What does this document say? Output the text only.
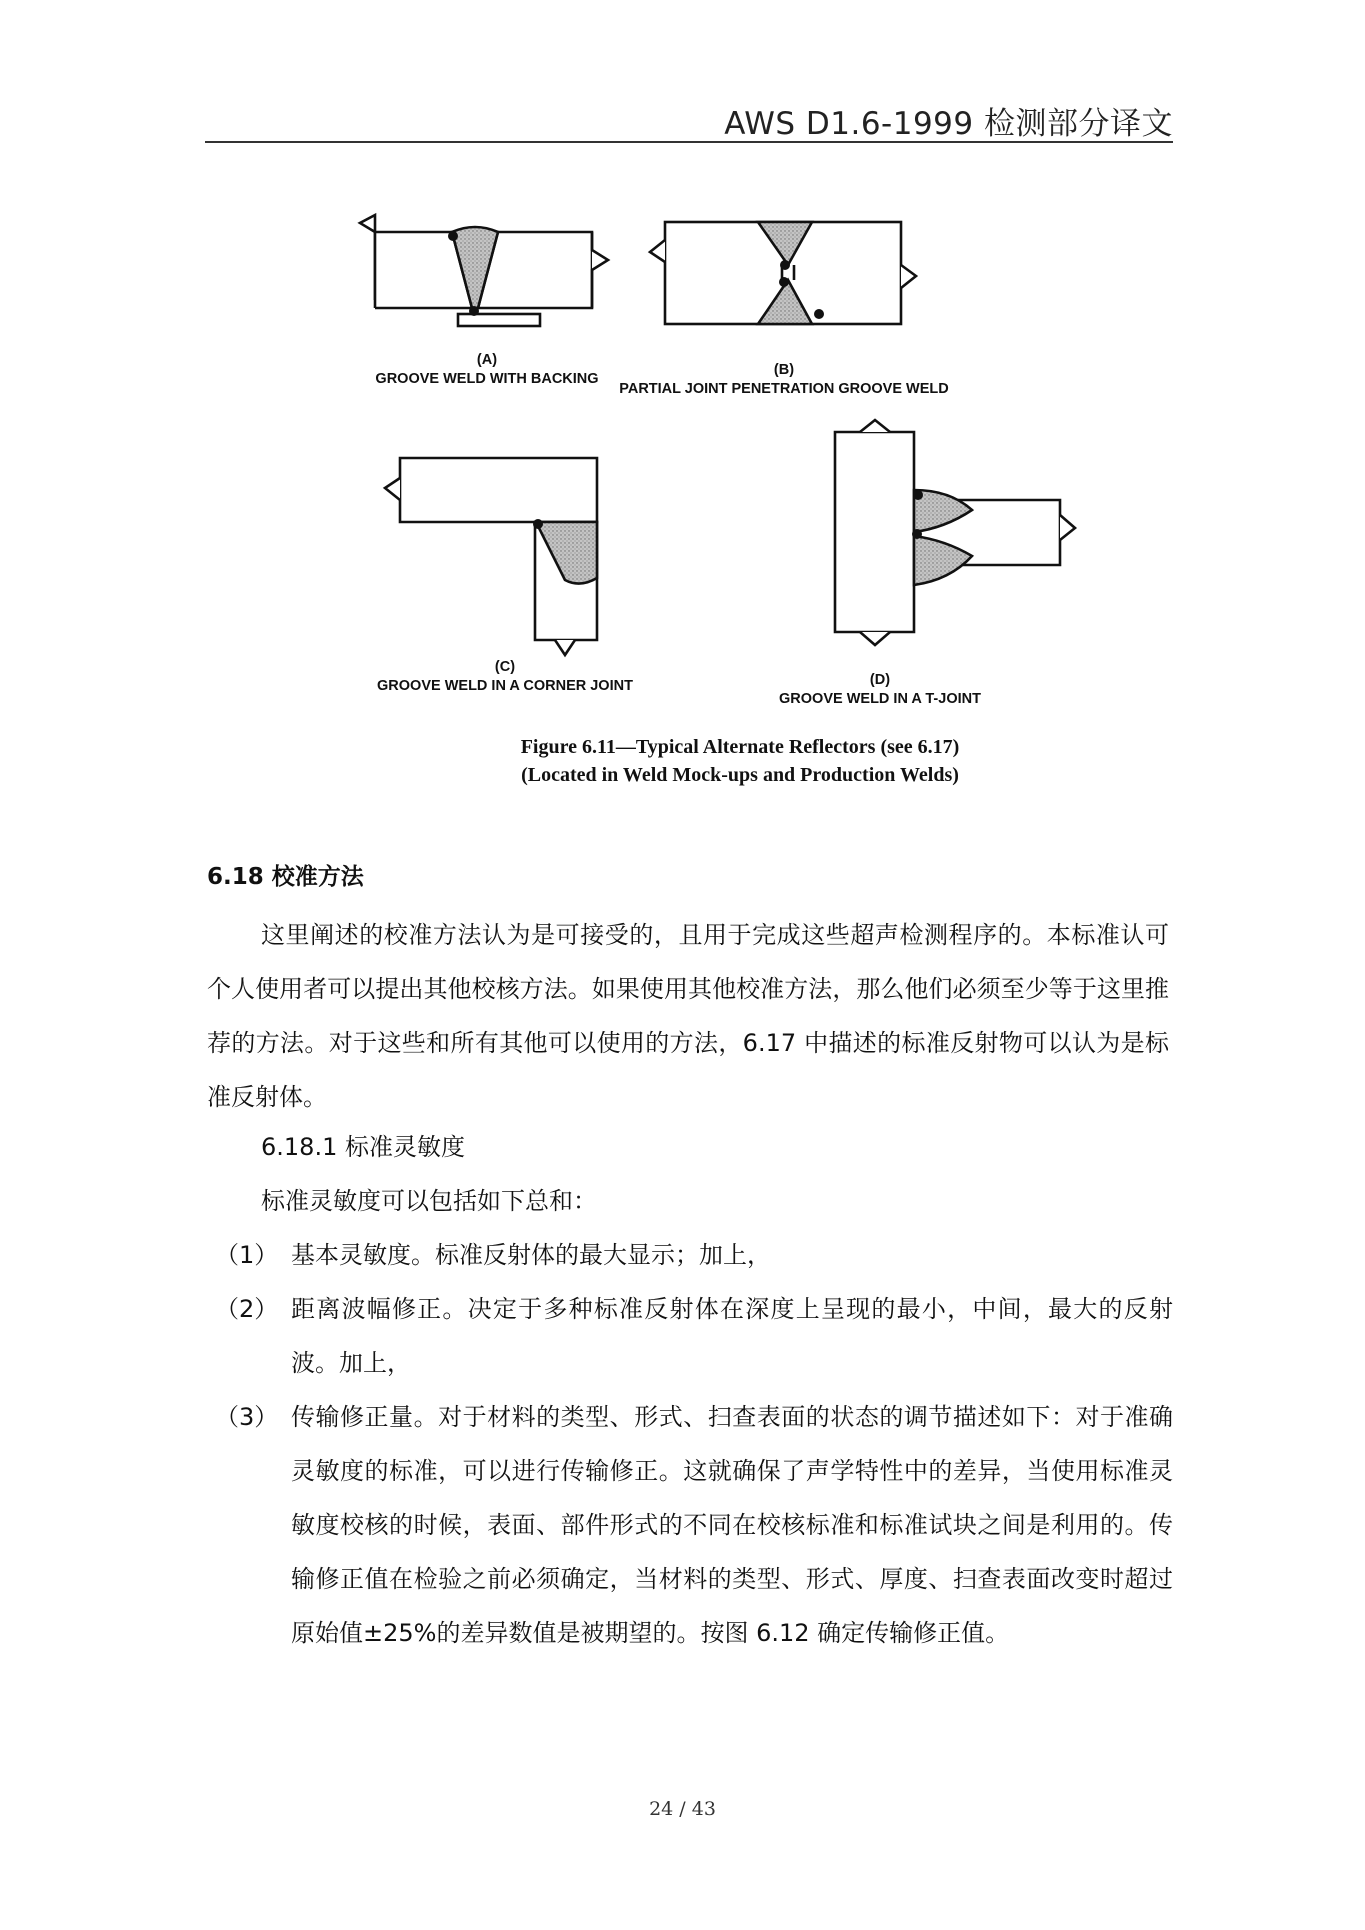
AWS D1.6-1999 检测部分译文
(A)
GROOVE WELD WITH BACKING
(B)
PARTIAL JOINT PENETRATION GROOVE WELD
(C)
GROOVE WELD IN A CORNER JOINT	(D)
GROOVE WELD IN A T-JOINT
Figure 6.11—Typical Alternate Reflectors (see 6.17)
(Located in Weld Mock-ups and Production Welds)
6.18 校准方法

这里阐述的校准方法认为是可接受的，且用于完成这些超声检测程序的。本标准认可个人使用者可以提出其他校核方法。如果使用其他校准方法，那么他们必须至少等于这里推荐的方法。对于这些和所有其他可以使用的方法，6.17 中描述的标准反射物可以认为是标准反射体。

6.18.1 标准灵敏度
标准灵敏度可以包括如下总和：
（1） 基本灵敏度。标准反射体的最大显示；加上，
（2） 距离波幅修正。决定于多种标准反射体在深度上呈现的最小，中间，最大的反射波。加上，
（3） 传输修正量。对于材料的类型、形式、扫查表面的状态的调节描述如下：对于准确灵敏度的标准，可以进行传输修正。这就确保了声学特性中的差异，当使用标准灵敏度校核的时候，表面、部件形式的不同在校核标准和标准试块之间是利用的。传输修正值在检验之前必须确定，当材料的类型、形式、厚度、扫查表面改变时超过原始值±25%的差异数值是被期望的。按图 6.12 确定传输修正值。
24 / 43
